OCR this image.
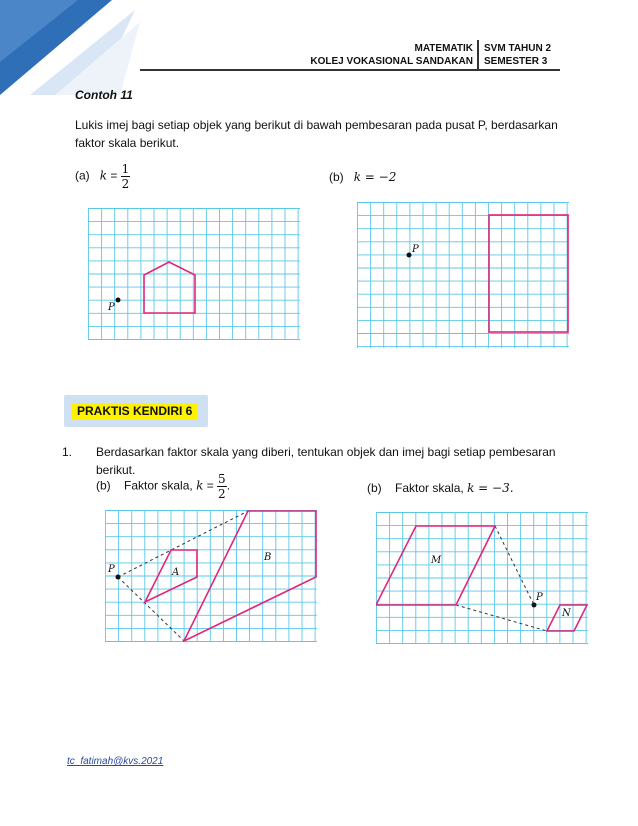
MATEMATIK
KOLEJ VOKASIONAL SANDAKAN
SVM TAHUN 2
SEMESTER 3
Contoh 11
Lukis imej bagi setiap objek yang berikut di bawah pembesaran pada pusat P, berdasarkan faktor skala berikut.
(a) $k = \frac{1}{2}$	(b) k = −2
P
P
PRAKTIS KENDIRI 6
1. Berdasarkan faktor skala yang diberi, tentukan objek dan imej bagi setiap pembesaran berikut.
(b) Faktor skala, $k = \frac{5}{2}$ .	(b) Faktor skala, k = −3.
P	A
B
P
M
N
tc_fatimah@kvs.2021
